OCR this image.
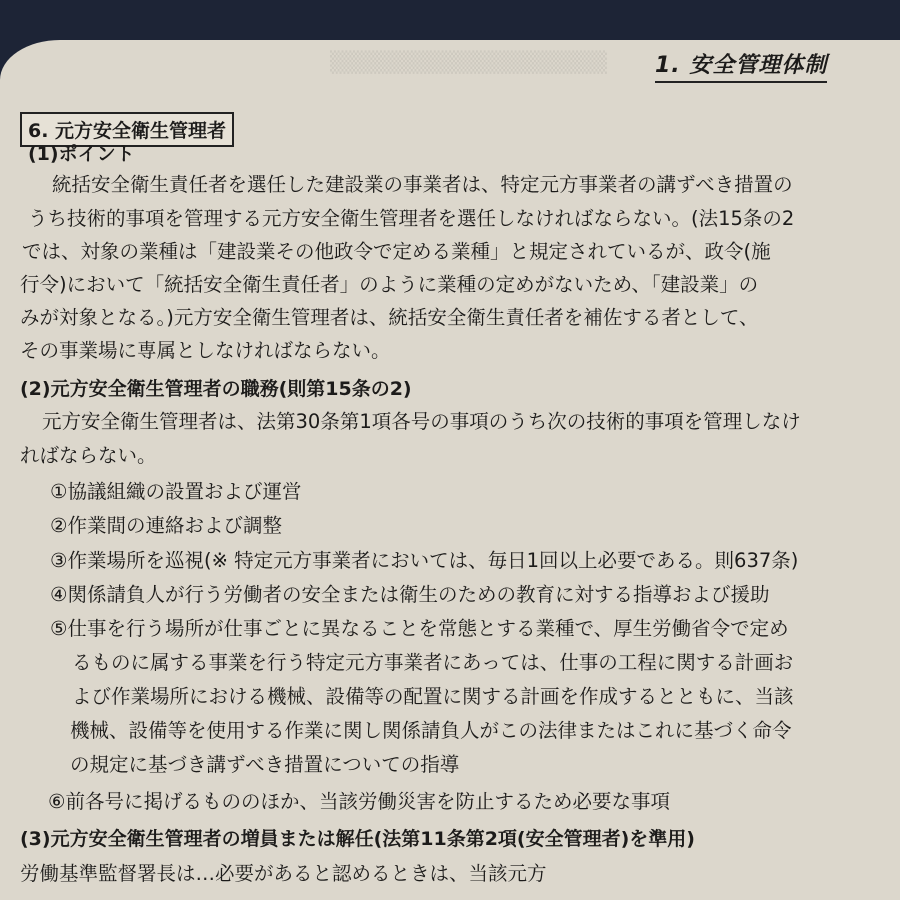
▒▒▒▒▒▒▒▒▒▒▒▒▒▒▒▒▒▒ 1. 安全管理体制
6. 元方安全衛生管理者
(1)ポイント
統括安全衛生責任者を選任した建設業の事業者は、特定元方事業者の講ずべき措置の
うち技術的事項を管理する元方安全衛生管理者を選任しなければならない。(法15条の2
では、対象の業種は「建設業その他政令で定める業種」と規定されているが、政令(施
行令)において「統括安全衛生責任者」のように業種の定めがないため、「建設業」の
みが対象となる。)元方安全衛生管理者は、統括安全衛生責任者を補佐する者として、
その事業場に専属としなければならない。
(2)元方安全衛生管理者の職務(則第15条の2)
元方安全衛生管理者は、法第30条第1項各号の事項のうち次の技術的事項を管理しなけ
ればならない。
①協議組織の設置および運営
②作業間の連絡および調整
③作業場所を巡視(※ 特定元方事業者においては、毎日1回以上必要である。則637条)
④関係請負人が行う労働者の安全または衛生のための教育に対する指導および援助
⑤仕事を行う場所が仕事ごとに異なることを常態とする業種で、厚生労働省令で定め
るものに属する事業を行う特定元方事業者にあっては、仕事の工程に関する計画お
よび作業場所における機械、設備等の配置に関する計画を作成するとともに、当該
機械、設備等を使用する作業に関し関係請負人がこの法律またはこれに基づく命令
の規定に基づき講ずべき措置についての指導
⑥前各号に掲げるもののほか、当該労働災害を防止するため必要な事項
(3)元方安全衛生管理者の増員または解任(法第11条第2項(安全管理者)を準用)
労働基準監督署長は…必要があると認めるときは、当該元方
